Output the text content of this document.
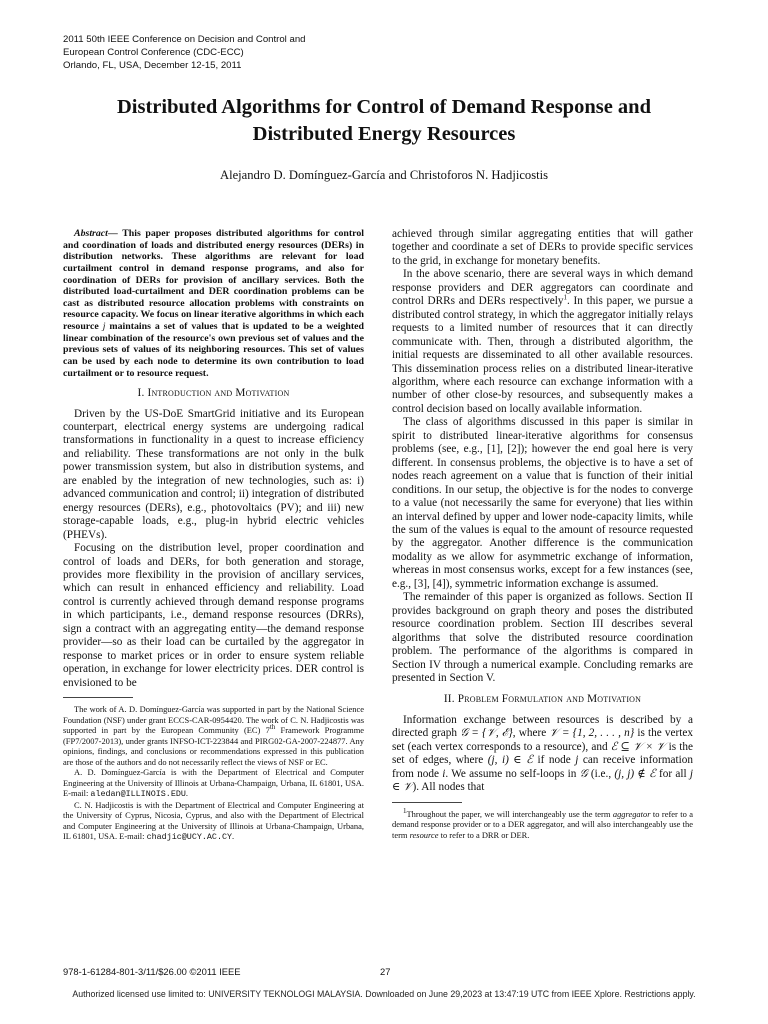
2011 50th IEEE Conference on Decision and Control and
European Control Conference (CDC-ECC)
Orlando, FL, USA, December 12-15, 2011
Distributed Algorithms for Control of Demand Response and
Distributed Energy Resources
Alejandro D. Domínguez-García and Christoforos N. Hadjicostis

Abstract— This paper proposes distributed algorithms for control and coordination of loads and distributed energy resources (DERs) in distribution networks. These algorithms are relevant for load curtailment control in demand response programs, and also for coordination of DERs for provision of ancillary services. Both the distributed load-curtailment and DER coordination problems can be cast as distributed resource allocation problems with constraints on resource capacity. We focus on linear iterative algorithms in which each resource j maintains a set of values that is updated to be a weighted linear combination of the resource's own previous set of values and the previous sets of values of its neighboring resources. This set of values can be used by each node to determine its own contribution to load curtailment or to resource request.

I. Introduction and Motivation

Driven by the US-DoE SmartGrid initiative and its European counterpart, electrical energy systems are undergoing radical transformations in functionality in a quest to increase efficiency and reliability. These transformations are not only in the bulk power transmission system, but also in distribution systems, and are enabled by the integration of new technologies, such as: i) advanced communication and control; ii) integration of distributed energy resources (DERs), e.g., photovoltaics (PV); and iii) new storage-capable loads, e.g., plug-in hybrid electric vehicles (PHEVs).

Focusing on the distribution level, proper coordination and control of loads and DERs, for both generation and storage, provides more flexibility in the provision of ancillary services, which can result in enhanced efficiency and reliability. Load control is currently achieved through demand response programs in which participants, i.e., demand response resources (DRRs), sign a contract with an aggregating entity—the demand response provider—so as their load can be curtailed by the aggregator in response to market prices or in order to ensure system reliable operation, in exchange for lower electricity prices. DER control is envisioned to be

The work of A. D. Domínguez-García was supported in part by the National Science Foundation (NSF) under grant ECCS-CAR-0954420. The work of C. N. Hadjicostis was supported in part by the European Community (EC) 7th Framework Programme (FP7/2007-2013), under grants INFSO-ICT-223844 and PIRG02-GA-2007-224877. Any opinions, findings, and conclusions or recommendations expressed in this publication are those of the authors and do not necessarily reflect the views of NSF or EC.

A. D. Domínguez-García is with the Department of Electrical and Computer Engineering at the University of Illinois at Urbana-Champaign, Urbana, IL 61801, USA. E-mail: aledan@ILLINOIS.EDU.

C. N. Hadjicostis is with the Department of Electrical and Computer Engineering at the University of Cyprus, Nicosia, Cyprus, and also with the Department of Electrical and Computer Engineering at the University of Illinois at Urbana-Champaign, Urbana, IL 61801, USA. E-mail: chadjic@UCY.AC.CY.

achieved through similar aggregating entities that will gather together and coordinate a set of DERs to provide specific services to the grid, in exchange for monetary benefits.

In the above scenario, there are several ways in which demand response providers and DER aggregators can coordinate and control DRRs and DERs respectively$^1$. In this paper, we pursue a distributed control strategy, in which the aggregator initially relays requests to a limited number of resources that it can directly communicate with. Then, through a distributed algorithm, the initial requests are disseminated to all other available resources. This dissemination process relies on a distributed linear-iterative algorithm, where each resource can exchange information with a number of other close-by resources, and subsequently makes a control decision based on locally available information.

The class of algorithms discussed in this paper is similar in spirit to distributed linear-iterative algorithms for consensus problems (see, e.g., [1], [2]); however the end goal here is very different. In consensus problems, the objective is to have a set of nodes reach agreement on a value that is function of their initial conditions. In our setup, the objective is for the nodes to converge to a value (not necessarily the same for everyone) that lies within an interval defined by upper and lower node-capacity limits, while the sum of the values is equal to the amount of resource requested by the aggregator. Another difference is the communication modality as we allow for asymmetric exchange of information, whereas in most consensus works, except for a few instances (see, e.g., [3], [4]), symmetric information exchange is assumed.

The remainder of this paper is organized as follows. Section II provides background on graph theory and poses the distributed resource coordination problem. Section III describes several algorithms that solve the distributed resource coordination problem. The performance of the algorithms is compared in Section IV through a numerical example. Concluding remarks are presented in Section V.

II. Problem Formulation and Motivation

Information exchange between resources is described by a directed graph 𝒢 = {𝒱, ℰ}, where 𝒱 = {1, 2, . . . , n} is the vertex set (each vertex corresponds to a resource), and ℰ ⊆ 𝒱 × 𝒱 is the set of edges, where (j, i) ∈ ℰ if node j can receive information from node i. We assume no self-loops in 𝒢 (i.e., (j, j) ∉ ℰ for all j ∈ 𝒱). All nodes that

$^1$Throughout the paper, we will interchangeably use the term aggregator to refer to a demand response provider or to a DER aggregator, and will also interchangeably use the term resource to refer to a DRR or DER.

978-1-61284-801-3/11/$26.00 ©2011 IEEE	27
Authorized licensed use limited to: UNIVERSITY TEKNOLOGI MALAYSIA. Downloaded on June 29,2023 at 13:47:19 UTC from IEEE Xplore. Restrictions apply.
